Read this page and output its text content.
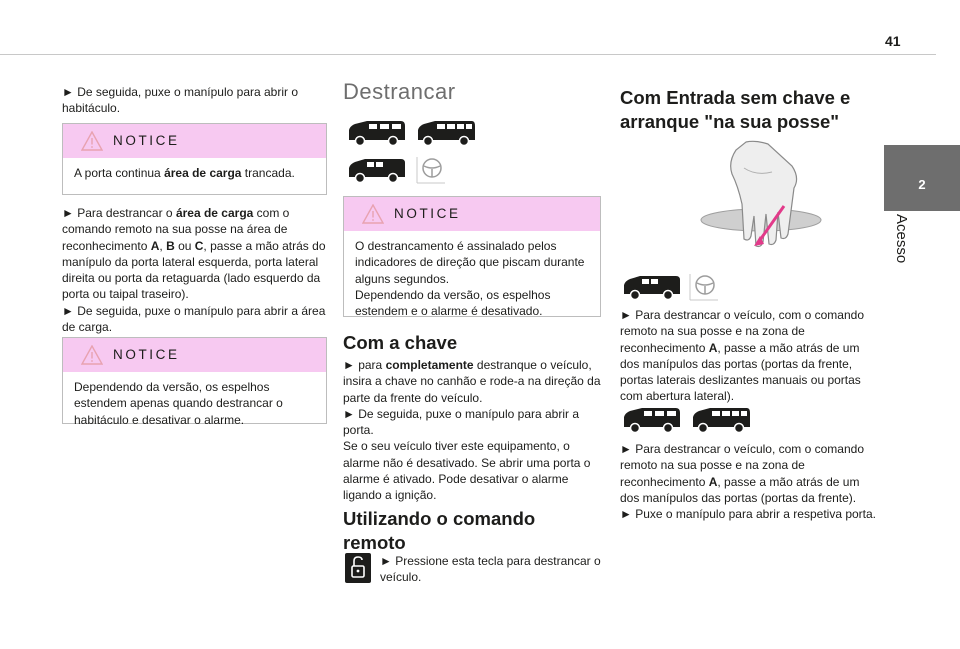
41
2
Acesso
► De seguida, puxe o manípulo para abrir o habitáculo.
NOTICE
A porta continua área de carga trancada.
► Para destrancar o área de carga com o comando remoto na sua posse na área de reconhecimento A, B ou C, passe a mão atrás do manípulo da porta lateral esquerda, porta lateral direita ou porta da retaguarda (lado esquerdo da porta ou taipal traseiro).
► De seguida, puxe o manípulo para abrir a área de carga.
NOTICE
Dependendo da versão, os espelhos estendem apenas quando destrancar o habitáculo e desativar o alarme.
Destrancar
NOTICE
O destrancamento é assinalado pelos indicadores de direção que piscam durante alguns segundos.
Dependendo da versão, os espelhos estendem e o alarme é desativado.
Com a chave
► para completamente destranque o veículo, insira a chave no canhão e rode-a na direção da parte da frente do veículo.
► De seguida, puxe o manípulo para abrir a porta.
Se o seu veículo tiver este equipamento, o alarme não é desativado. Se abrir uma porta o alarme é ativado. Pode desativar o alarme ligando a ignição.
Utilizando o comando remoto
► Pressione esta tecla para destrancar o veículo.
Com Entrada sem chave e arranque "na sua posse"
► Para destrancar o veículo, com o comando remoto na sua posse e na zona de reconhecimento A, passe a mão atrás de um dos manípulos das portas (portas da frente, portas laterais deslizantes manuais ou portas com abertura lateral).
► Para destrancar o veículo, com o comando remoto na sua posse e na zona de reconhecimento A, passe a mão atrás de um dos manípulos das portas (portas da frente).
► Puxe o manípulo para abrir a respetiva porta.
